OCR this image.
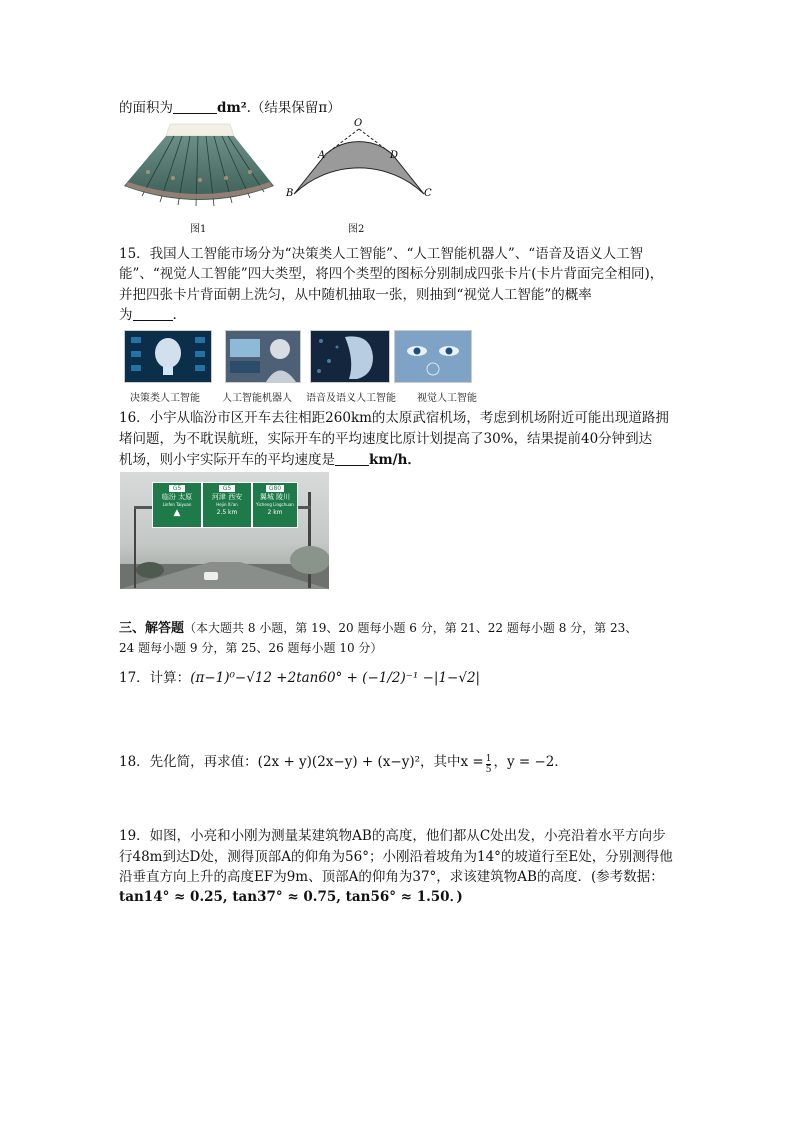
的面积为	dm².（结果保留π）
图1
O
A	D
B	C
图2
15．我国人工智能市场分为“决策类人工智能”、“人工智能机器人”、“语音及语义人工智
能”、“视觉人工智能”四大类型，将四个类型的图标分别制成四张卡片(卡片背面完全相同)，
并把四张卡片背面朝上洗匀，从中随机抽取一张，则抽到“视觉人工智能”的概率
为	.
决策类人工智能 人工智能机器人 语音及语义人工智能 视觉人工智能
16．小宇从临汾市区开车去往相距260km的太原武宿机场，考虑到机场附近可能出现道路拥
堵问题，为不耽误航班，实际开车的平均速度比原计划提高了30%，结果提前40分钟到达
机场，则小宇实际开车的平均速度是	km/h．
G5
临汾 太原
Linfen Taiyuan
▲
G5
河津 西安
Hejin Xi'an
2.5 km
G80
翼城 陵川
Yicheng Lingchuan
2 km
三、解答题（本大题共 8 小题，第 19、20 题每小题 6 分，第 21、22 题每小题 8 分，第 23、
24 题每小题 9 分，第 25、26 题每小题 10 分）
17．计算：(π−1)⁰−√12 +2tan60° + (−1/2)⁻¹ −|1−√2|
18．先化简，再求值：(2x + y)(2x−y) + (x−y)²，其中$x = \frac{1}{5}$ ，y = −2．
19．如图，小亮和小刚为测量某建筑物AB的高度，他们都从C处出发，小亮沿着水平方向步
行48m到达D处，测得顶部A的仰角为56°；小刚沿着坡角为14°的坡道行至E处，分别测得他
沿垂直方向上升的高度EF为9m、顶部A的仰角为37°，求该建筑物AB的高度．(参考数据：
tan14° ≈ 0.25, tan37° ≈ 0.75, tan56° ≈ 1.50．)
